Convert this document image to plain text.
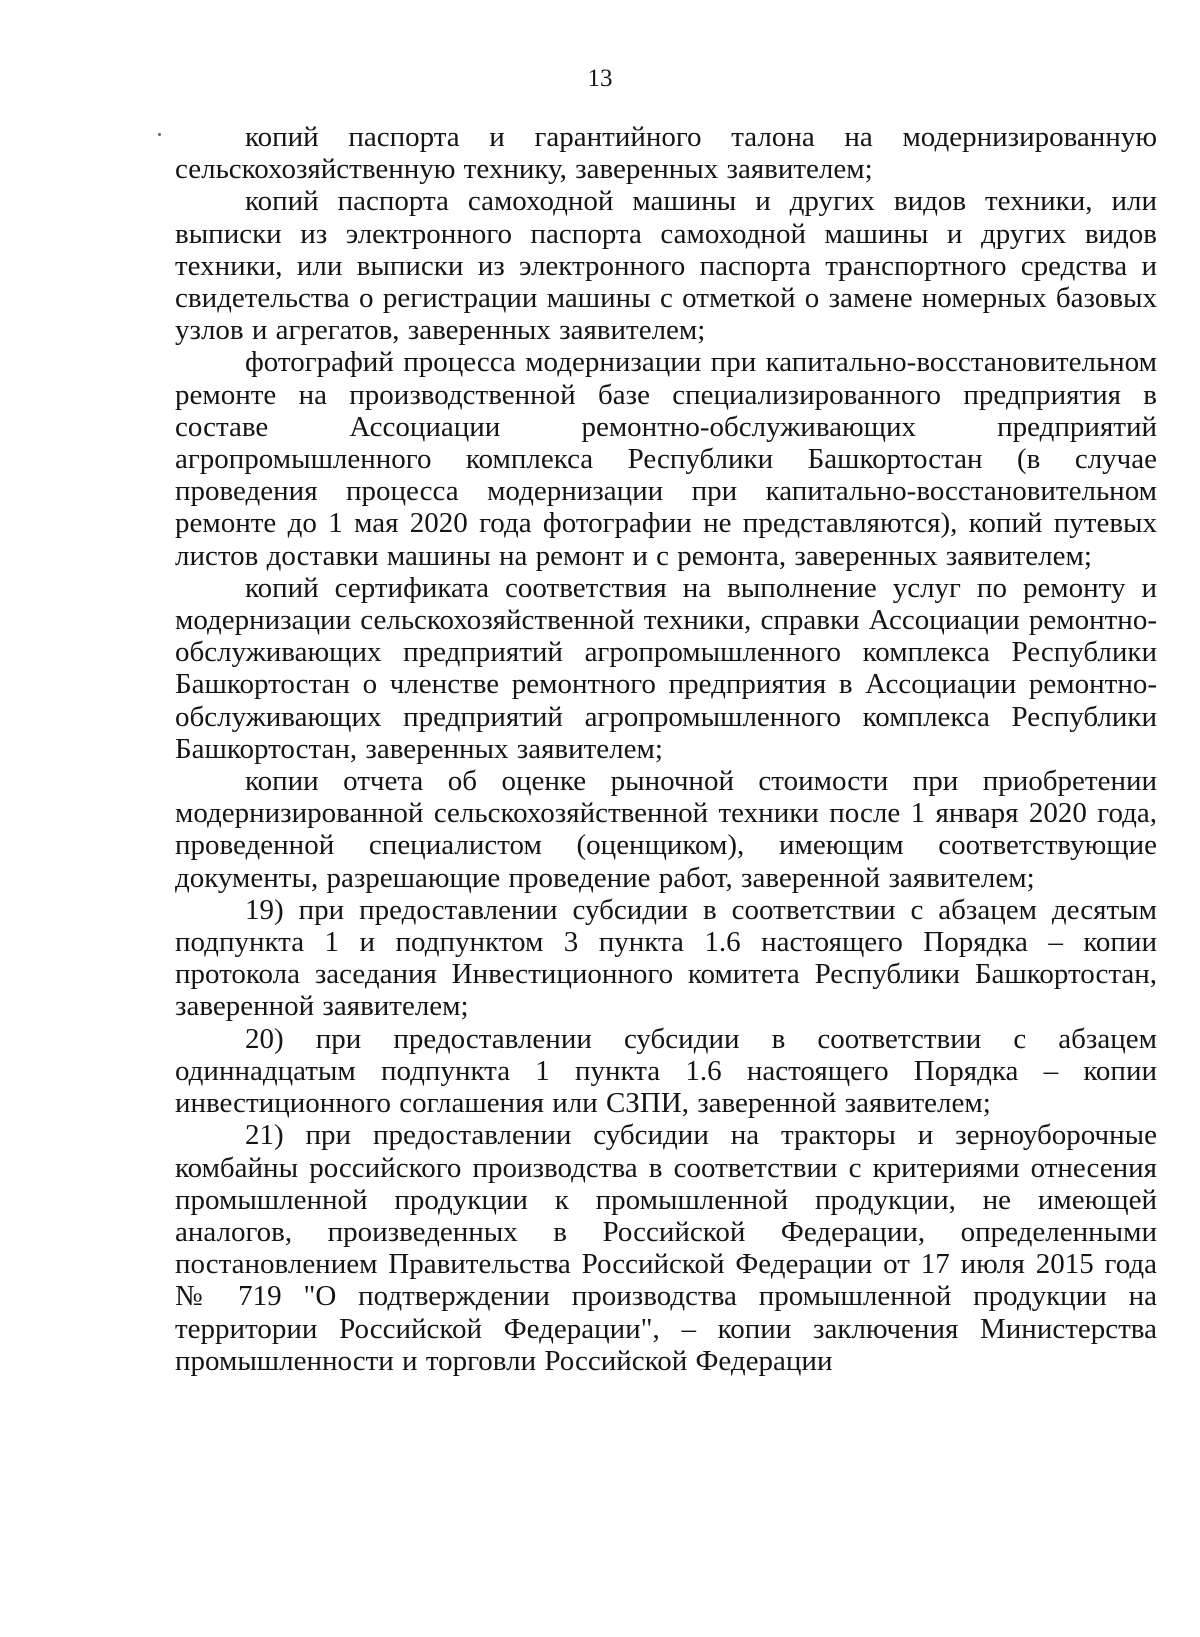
13

копий паспорта и гарантийного талона на модернизированную сельскохозяйственную технику, заверенных заявителем;

копий паспорта самоходной машины и других видов техники, или выписки из электронного паспорта самоходной машины и других видов техники, или выписки из электронного паспорта транспортного средства и свидетельства о регистрации машины с отметкой о замене номерных базовых узлов и агрегатов, заверенных заявителем;

фотографий процесса модернизации при капитально-восстановительном ремонте на производственной базе специализированного предприятия в составе Ассоциации ремонтно-обслуживающих предприятий агропромышленного комплекса Республики Башкортостан (в случае проведения процесса модернизации при капитально-восстановительном ремонте до 1 мая 2020 года фотографии не представляются), копий путевых листов доставки машины на ремонт и с ремонта, заверенных заявителем;

копий сертификата соответствия на выполнение услуг по ремонту и модернизации сельскохозяйственной техники, справки Ассоциации ремонтно-обслуживающих предприятий агропромышленного комплекса Республики Башкортостан о членстве ремонтного предприятия в Ассоциации ремонтно-обслуживающих предприятий агропромышленного комплекса Республики Башкортостан, заверенных заявителем;

копии отчета об оценке рыночной стоимости при приобретении модернизированной сельскохозяйственной техники после 1 января 2020 года, проведенной специалистом (оценщиком), имеющим соответствующие документы, разрешающие проведение работ, заверенной заявителем;

19) при предоставлении субсидии в соответствии с абзацем десятым подпункта 1 и подпунктом 3 пункта 1.6 настоящего Порядка – копии протокола заседания Инвестиционного комитета Республики Башкортостан, заверенной заявителем;

20) при предоставлении субсидии в соответствии с абзацем одиннадцатым подпункта 1 пункта 1.6 настоящего Порядка – копии инвестиционного соглашения или СЗПИ, заверенной заявителем;

21) при предоставлении субсидии на тракторы и зерноуборочные комбайны российского производства в соответствии с критериями отнесения промышленной продукции к промышленной продукции, не имеющей аналогов, произведенных в Российской Федерации, определенными постановлением Правительства Российской Федерации от 17 июля 2015 года № 719 "О подтверждении производства промышленной продукции на территории Российской Федерации", – копии заключения Министерства промышленности и торговли Российской Федерации
